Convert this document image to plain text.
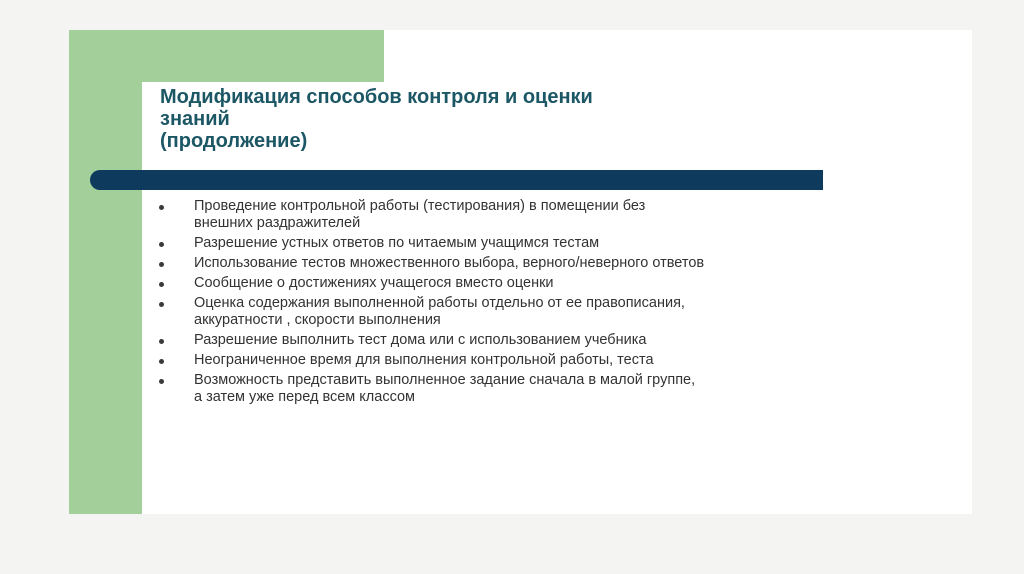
Модификация способов контроля и оценки
знаний
(продолжение)
Проведение контрольной работы (тестирования) в помещении без
внешних раздражителей
Разрешение устных ответов по читаемым учащимся тестам
Использование тестов множественного выбора, верного/неверного ответов
Сообщение о достижениях учащегося вместо оценки
Оценка содержания выполненной работы отдельно от ее правописания,
аккуратности , скорости выполнения
Разрешение выполнить тест дома или с использованием учебника
Неограниченное время для выполнения контрольной работы, теста
Возможность представить выполненное задание сначала в малой группе,
а затем уже перед всем классом
